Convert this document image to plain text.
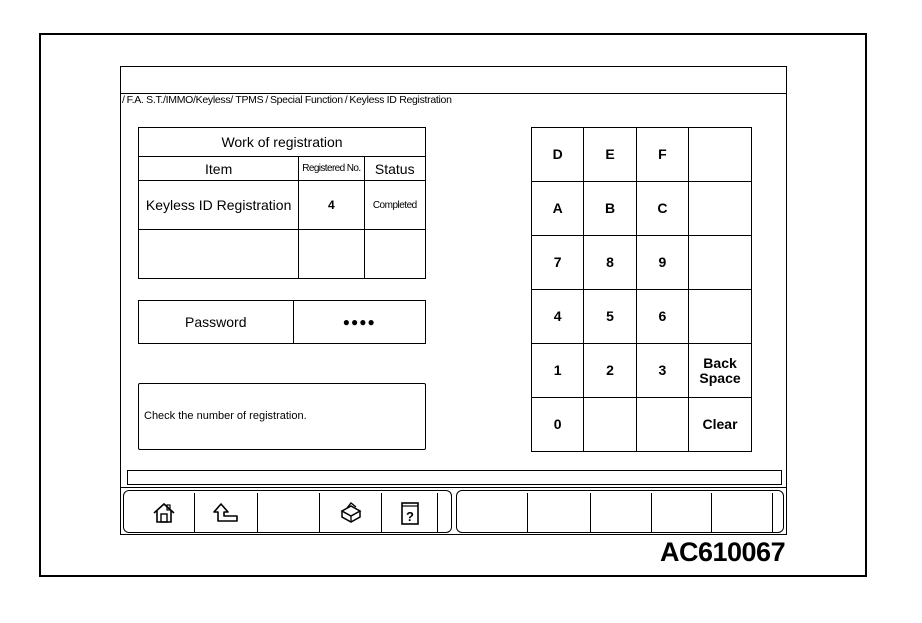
/ F.A. S.T./IMMO/Keyless/ TPMS / Special Function / Keyless ID Registration
Work of registration		
Item	Registered No.	Status
Keyless ID Registration	4	Completed

Password	●●●●
Check the number of registration.
D	E	F	
A	B	C	
7	8	9	
4	5	6	
1	2	3	Back Space
0			Clear
?
AC610067
